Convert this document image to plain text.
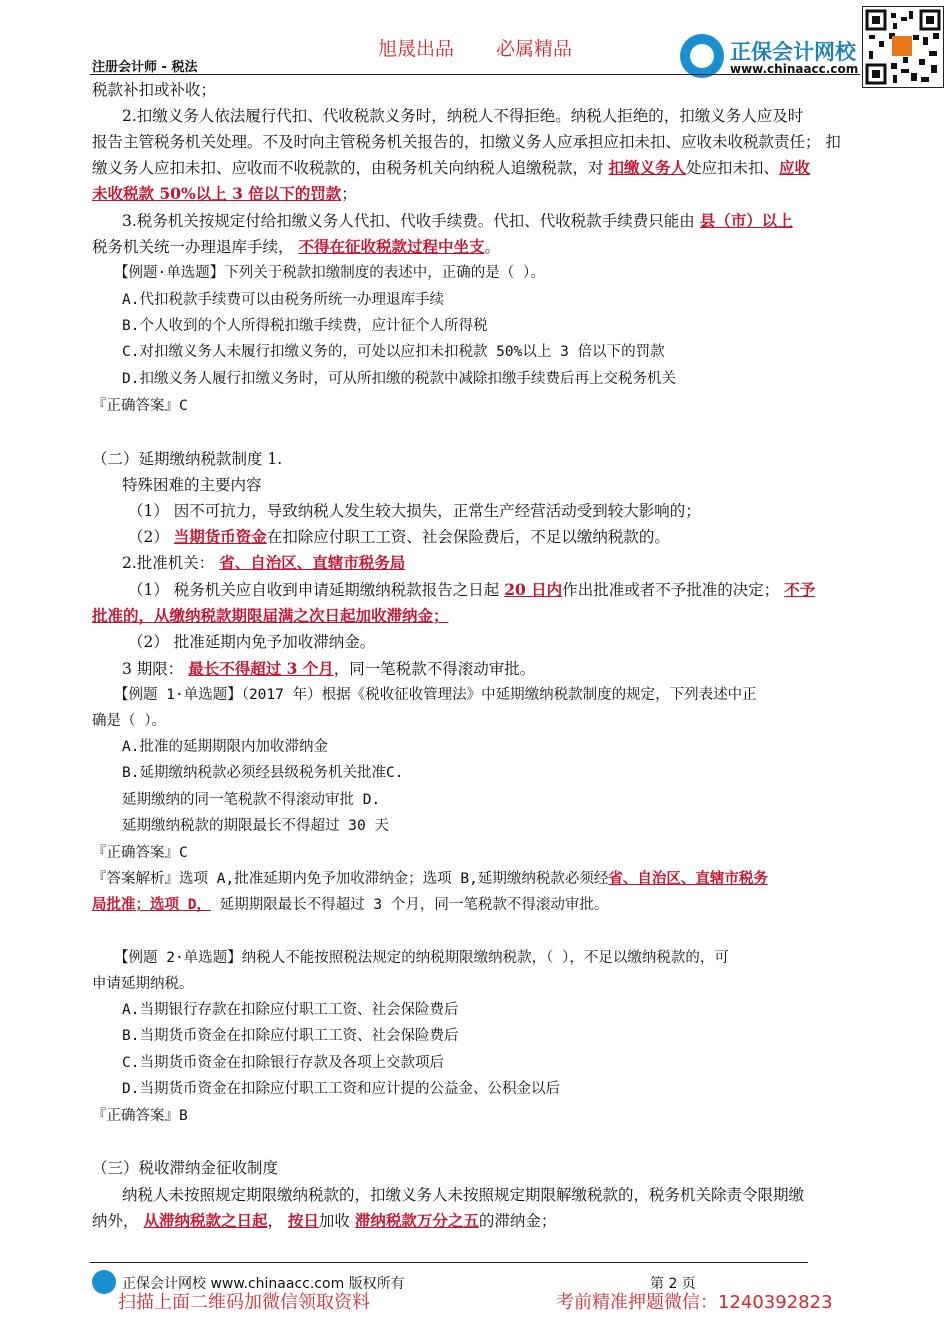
旭晟出品 必属精品
注册会计师 - 税法
正保会计网校
www.chinaacc.com
税款补扣或补收；
2.扣缴义务人依法履行代扣、代收税款义务时，纳税人不得拒绝。纳税人拒绝的，扣缴义务人应及时
报告主管税务机关处理。不及时向主管税务机关报告的，扣缴义务人应承担应扣未扣、应收未收税款责任； 扣
缴义务人应扣未扣、应收而不收税款的，由税务机关向纳税人追缴税款，对 扣缴义务人处应扣未扣、应收
未收税款 50%以上 3 倍以下的罚款；
3.税务机关按规定付给扣缴义务人代扣、代收手续费。代扣、代收税款手续费只能由 县（市）以上
税务机关统一办理退库手续， 不得在征收税款过程中坐支。
【例题·单选题】下列关于税款扣缴制度的表述中，正确的是（ ）。
A.代扣税款手续费可以由税务所统一办理退库手续
B.个人收到的个人所得税扣缴手续费，应计征个人所得税
C.对扣缴义务人未履行扣缴义务的，可处以应扣未扣税款 50%以上 3 倍以下的罚款
D.扣缴义务人履行扣缴义务时，可从所扣缴的税款中减除扣缴手续费后再上交税务机关
『正确答案』C
（二）延期缴纳税款制度 1.
特殊困难的主要内容
（1） 因不可抗力，导致纳税人发生较大损失，正常生产经营活动受到较大影响的；
（2） 当期货币资金在扣除应付职工工资、社会保险费后，不足以缴纳税款的。
2.批准机关： 省、自治区、直辖市税务局
（1） 税务机关应自收到申请延期缴纳税款报告之日起 20 日内作出批准或者不予批准的决定； 不予
批准的，从缴纳税款期限届满之次日起加收滞纳金；
（2） 批准延期内免予加收滞纳金。
3 期限： 最长不得超过 3 个月，同一笔税款不得滚动审批。
【例题 1·单选题】（2017 年）根据《税收征收管理法》中延期缴纳税款制度的规定，下列表述中正
确是（ ）。
A.批准的延期期限内加收滞纳金
B.延期缴纳税款必须经县级税务机关批准C.
延期缴纳的同一笔税款不得滚动审批 D.
延期缴纳税款的期限最长不得超过 30 天
『正确答案』C
『答案解析』选项 A,批准延期内免予加收滞纳金；选项 B,延期缴纳税款必须经省、自治区、直辖市税务
局批准；选项 D， 延期期限最长不得超过 3 个月，同一笔税款不得滚动审批。
【例题 2·单选题】纳税人不能按照税法规定的纳税期限缴纳税款，（ ），不足以缴纳税款的，可
申请延期纳税。
A.当期银行存款在扣除应付职工工资、社会保险费后
B.当期货币资金在扣除应付职工工资、社会保险费后
C.当期货币资金在扣除银行存款及各项上交款项后
D.当期货币资金在扣除应付职工工资和应计提的公益金、公积金以后
『正确答案』B
（三）税收滞纳金征收制度
纳税人未按照规定期限缴纳税款的，扣缴义务人未按照规定期限解缴税款的，税务机关除责令限期缴
纳外， 从滞纳税款之日起， 按日加收 滞纳税款万分之五的滞纳金；
正保会计网校 www.chinaacc.com 版权所有	第 2 页
扫描上面二维码加微信领取资料	考前精准押题微信：1240392823
